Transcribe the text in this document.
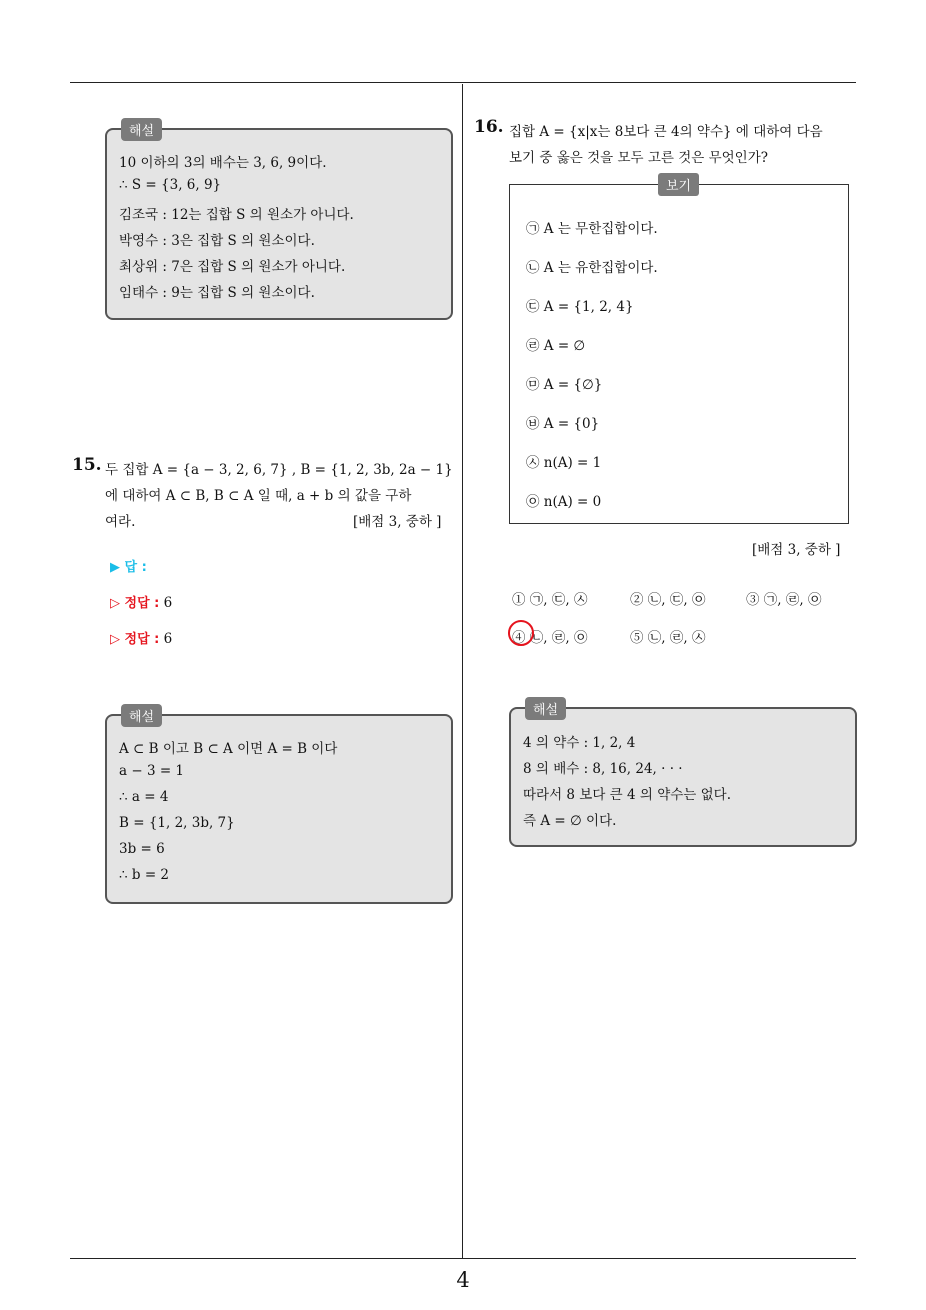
4
해설
10 이하의 3의 배수는 3, 6, 9이다.
∴ S = {3, 6, 9}
김조국 : 12는 집합 S 의 원소가 아니다.
박영수 : 3은 집합 S 의 원소이다.
최상위 : 7은 집합 S 의 원소가 아니다.
임태수 : 9는 집합 S 의 원소이다.
15. 두 집합 A = {a − 3, 2, 6, 7} , B = {1, 2, 3b, 2a − 1}
에 대하여 A ⊂ B, B ⊂ A 일 때, a + b 의 값을 구하
여라.	[배점 3, 중하 ]
▶ 답 :
▷ 정답 : 6
▷ 정답 : 6
해설
A ⊂ B 이고 B ⊂ A 이면 A = B 이다
a − 3 = 1
∴ a = 4
B = {1, 2, 3b, 7}
3b = 6
∴ b = 2
16. 집합 A = {x|x는 8보다 큰 4의 약수} 에 대하여 다음
보기 중 옳은 것을 모두 고른 것은 무엇인가?
보기
㉠ A 는 무한집합이다.
㉡ A 는 유한집합이다.
㉢ A = {1, 2, 4}
㉣ A = ∅
㉤ A = {∅}
㉥ A = {0}
㉦ n(A) = 1
㉧ n(A) = 0
[배점 3, 중하 ]
① ㉠, ㉢, ㉦	② ㉡, ㉢, ㉧	③ ㉠, ㉣, ㉧
④ ㉡, ㉣, ㉧	⑤ ㉡, ㉣, ㉦
해설
4 의 약수 : 1, 2, 4
8 의 배수 : 8, 16, 24, · · ·
따라서 8 보다 큰 4 의 약수는 없다.
즉 A = ∅ 이다.
